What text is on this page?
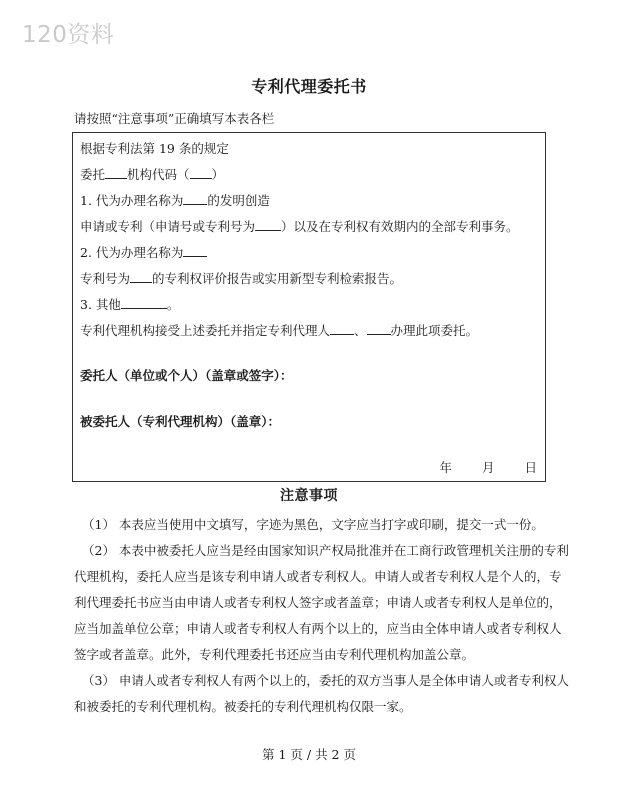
120资料
专利代理委托书
请按照“注意事项”正确填写本表各栏
根据专利法第 19 条的规定
委托 机构代码（ ）
1. 代为办理名称为 的发明创造
申请或专利（申请号或专利号为 ）以及在专利权有效期内的全部专利事务。
2. 代为办理名称为
专利号为 的专利权评价报告或实用新型专利检索报告。
3. 其他	。
专利代理机构接受上述委托并指定专利代理人 、 办理此项委托。
委托人（单位或个人）（盖章或签字）：
被委托人（专利代理机构）（盖章）：
年 月 日
注意事项
（1） 本表应当使用中文填写，字迹为黑色，文字应当打字或印刷，提交一式一份。
（2） 本表中被委托人应当是经由国家知识产权局批准并在工商行政管理机关注册的专利
代理机构，委托人应当是该专利申请人或者专利权人。申请人或者专利权人是个人的，专
利代理委托书应当由申请人或者专利权人签字或者盖章；申请人或者专利权人是单位的，
应当加盖单位公章；申请人或者专利权人有两个以上的，应当由全体申请人或者专利权人
签字或者盖章。此外，专利代理委托书还应当由专利代理机构加盖公章。
（3） 申请人或者专利权人有两个以上的，委托的双方当事人是全体申请人或者专利权人
和被委托的专利代理机构。被委托的专利代理机构仅限一家。
第 1 页 / 共 2 页
